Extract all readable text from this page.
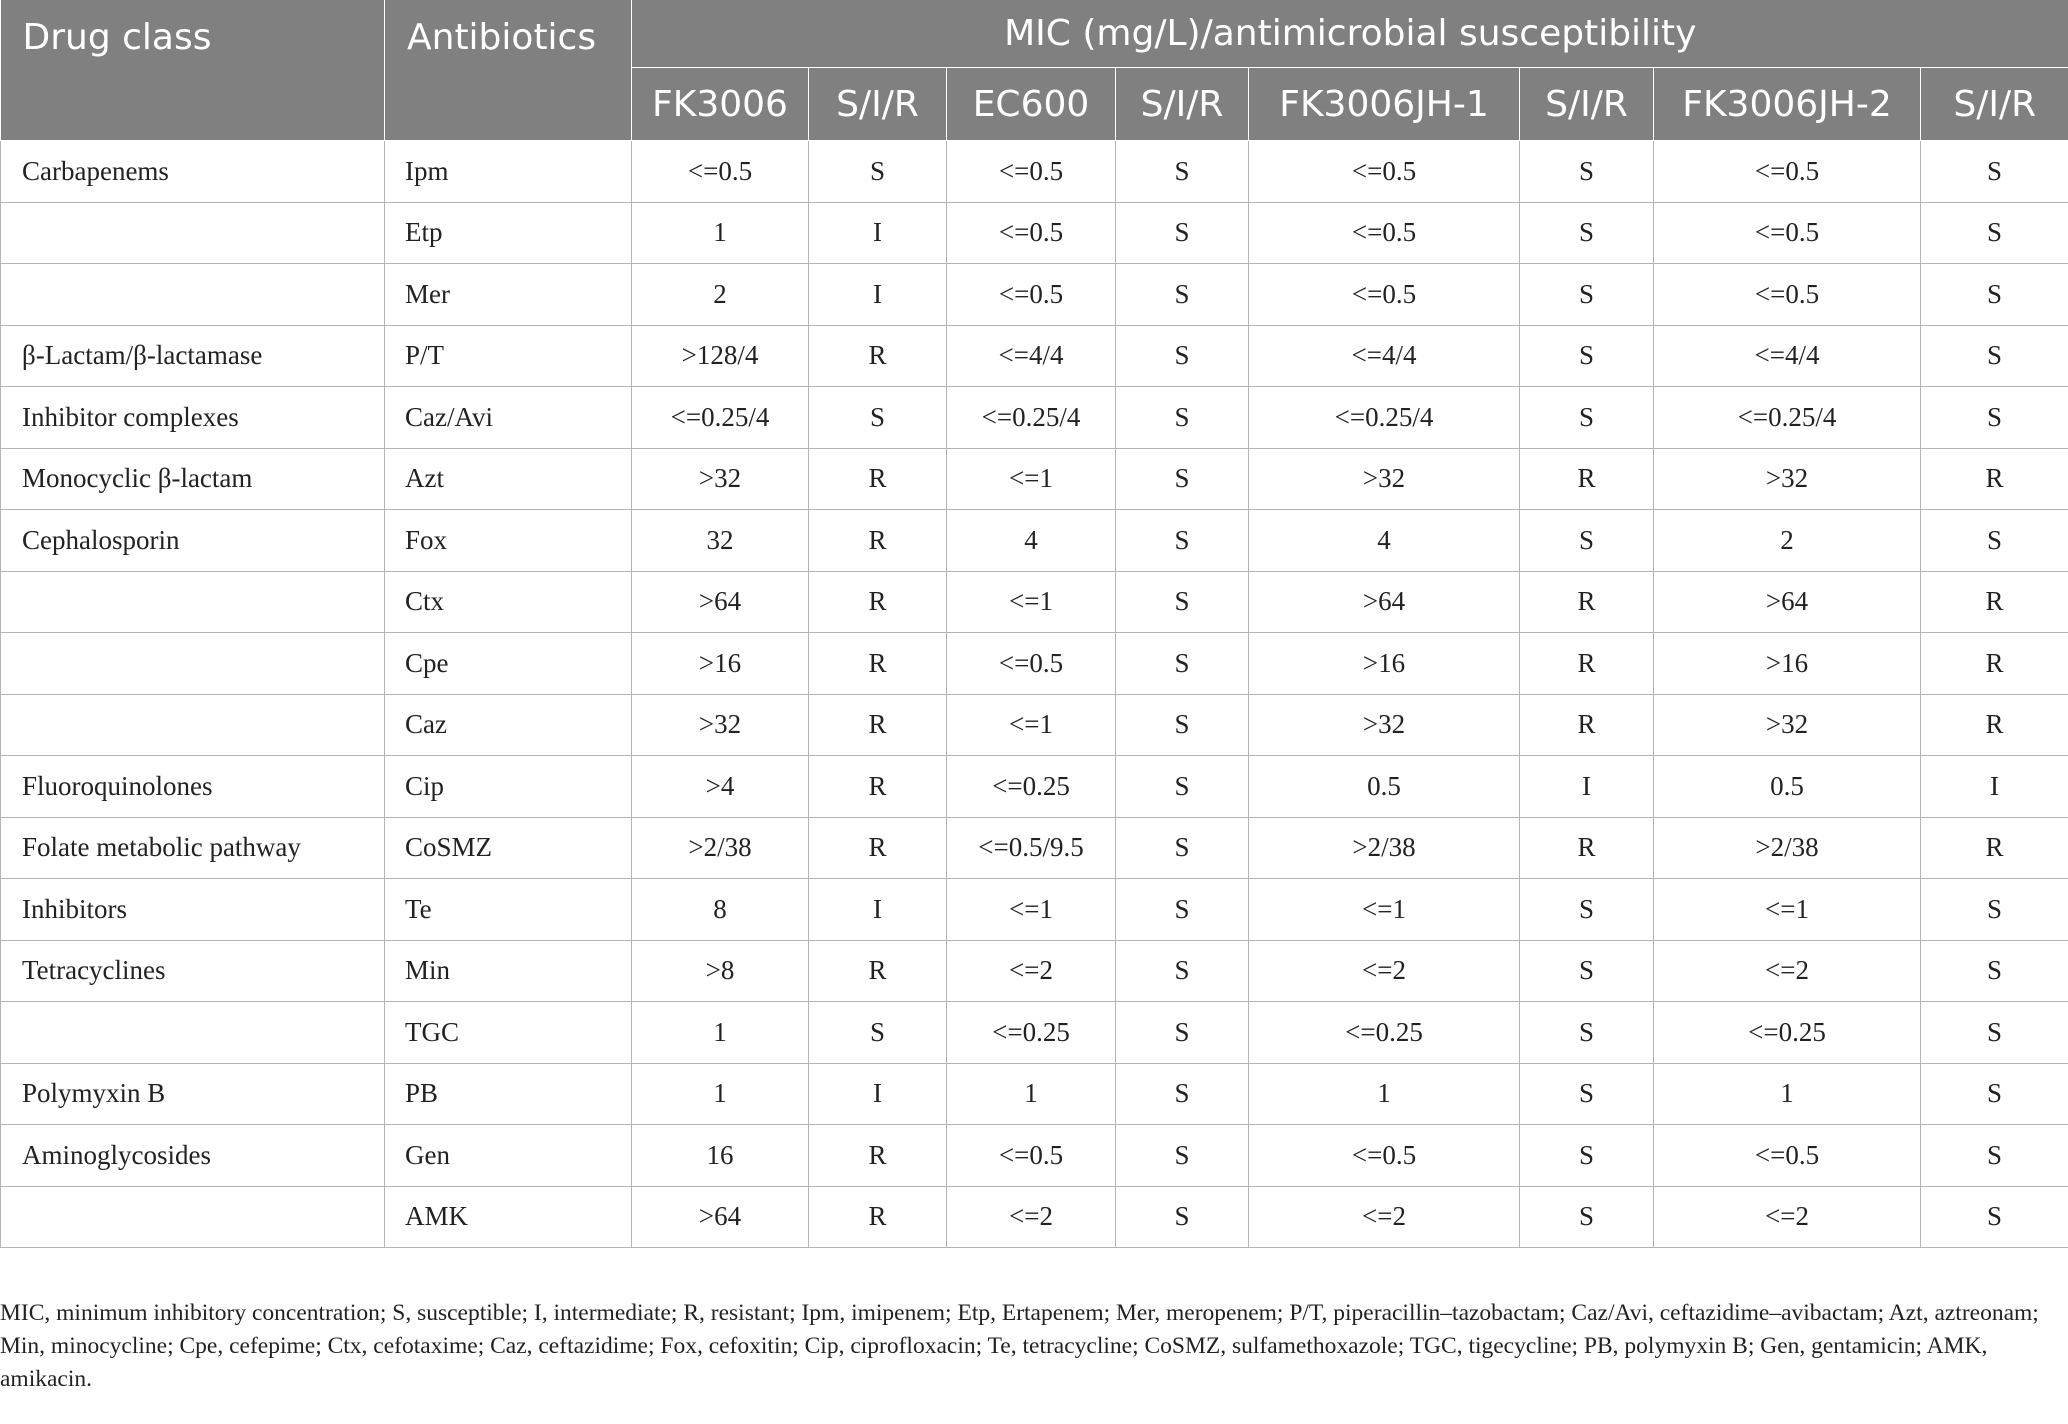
Drug class	Antibiotics	MIC (mg/L)/antimicrobial susceptibility							
		FK3006	S/I/R	EC600	S/I/R	FK3006JH-1	S/I/R	FK3006JH-2	S/I/R
Carbapenems	Ipm	<=0.5	S	<=0.5	S	<=0.5	S	<=0.5	S
	Etp	1	I	<=0.5	S	<=0.5	S	<=0.5	S
	Mer	2	I	<=0.5	S	<=0.5	S	<=0.5	S
β-Lactam/β-lactamase	P/T	>128/4	R	<=4/4	S	<=4/4	S	<=4/4	S
Inhibitor complexes	Caz/Avi	<=0.25/4	S	<=0.25/4	S	<=0.25/4	S	<=0.25/4	S
Monocyclic β-lactam	Azt	>32	R	<=1	S	>32	R	>32	R
Cephalosporin	Fox	32	R	4	S	4	S	2	S
	Ctx	>64	R	<=1	S	>64	R	>64	R
	Cpe	>16	R	<=0.5	S	>16	R	>16	R
	Caz	>32	R	<=1	S	>32	R	>32	R
Fluoroquinolones	Cip	>4	R	<=0.25	S	0.5	I	0.5	I
Folate metabolic pathway	CoSMZ	>2/38	R	<=0.5/9.5	S	>2/38	R	>2/38	R
Inhibitors	Te	8	I	<=1	S	<=1	S	<=1	S
Tetracyclines	Min	>8	R	<=2	S	<=2	S	<=2	S
	TGC	1	S	<=0.25	S	<=0.25	S	<=0.25	S
Polymyxin B	PB	1	I	1	S	1	S	1	S
Aminoglycosides	Gen	16	R	<=0.5	S	<=0.5	S	<=0.5	S
	AMK	>64	R	<=2	S	<=2	S	<=2	S
MIC, minimum inhibitory concentration; S, susceptible; I, intermediate; R, resistant; Ipm, imipenem; Etp, Ertapenem; Mer, meropenem; P/T, piperacillin–tazobactam; Caz/Avi, ceftazidime–avibactam; Azt, aztreonam; Min, minocycline; Cpe, cefepime; Ctx, cefotaxime; Caz, ceftazidime; Fox, cefoxitin; Cip, ciprofloxacin; Te, tetracycline; CoSMZ, sulfamethoxazole; TGC, tigecycline; PB, polymyxin B; Gen, gentamicin; AMK, amikacin.
